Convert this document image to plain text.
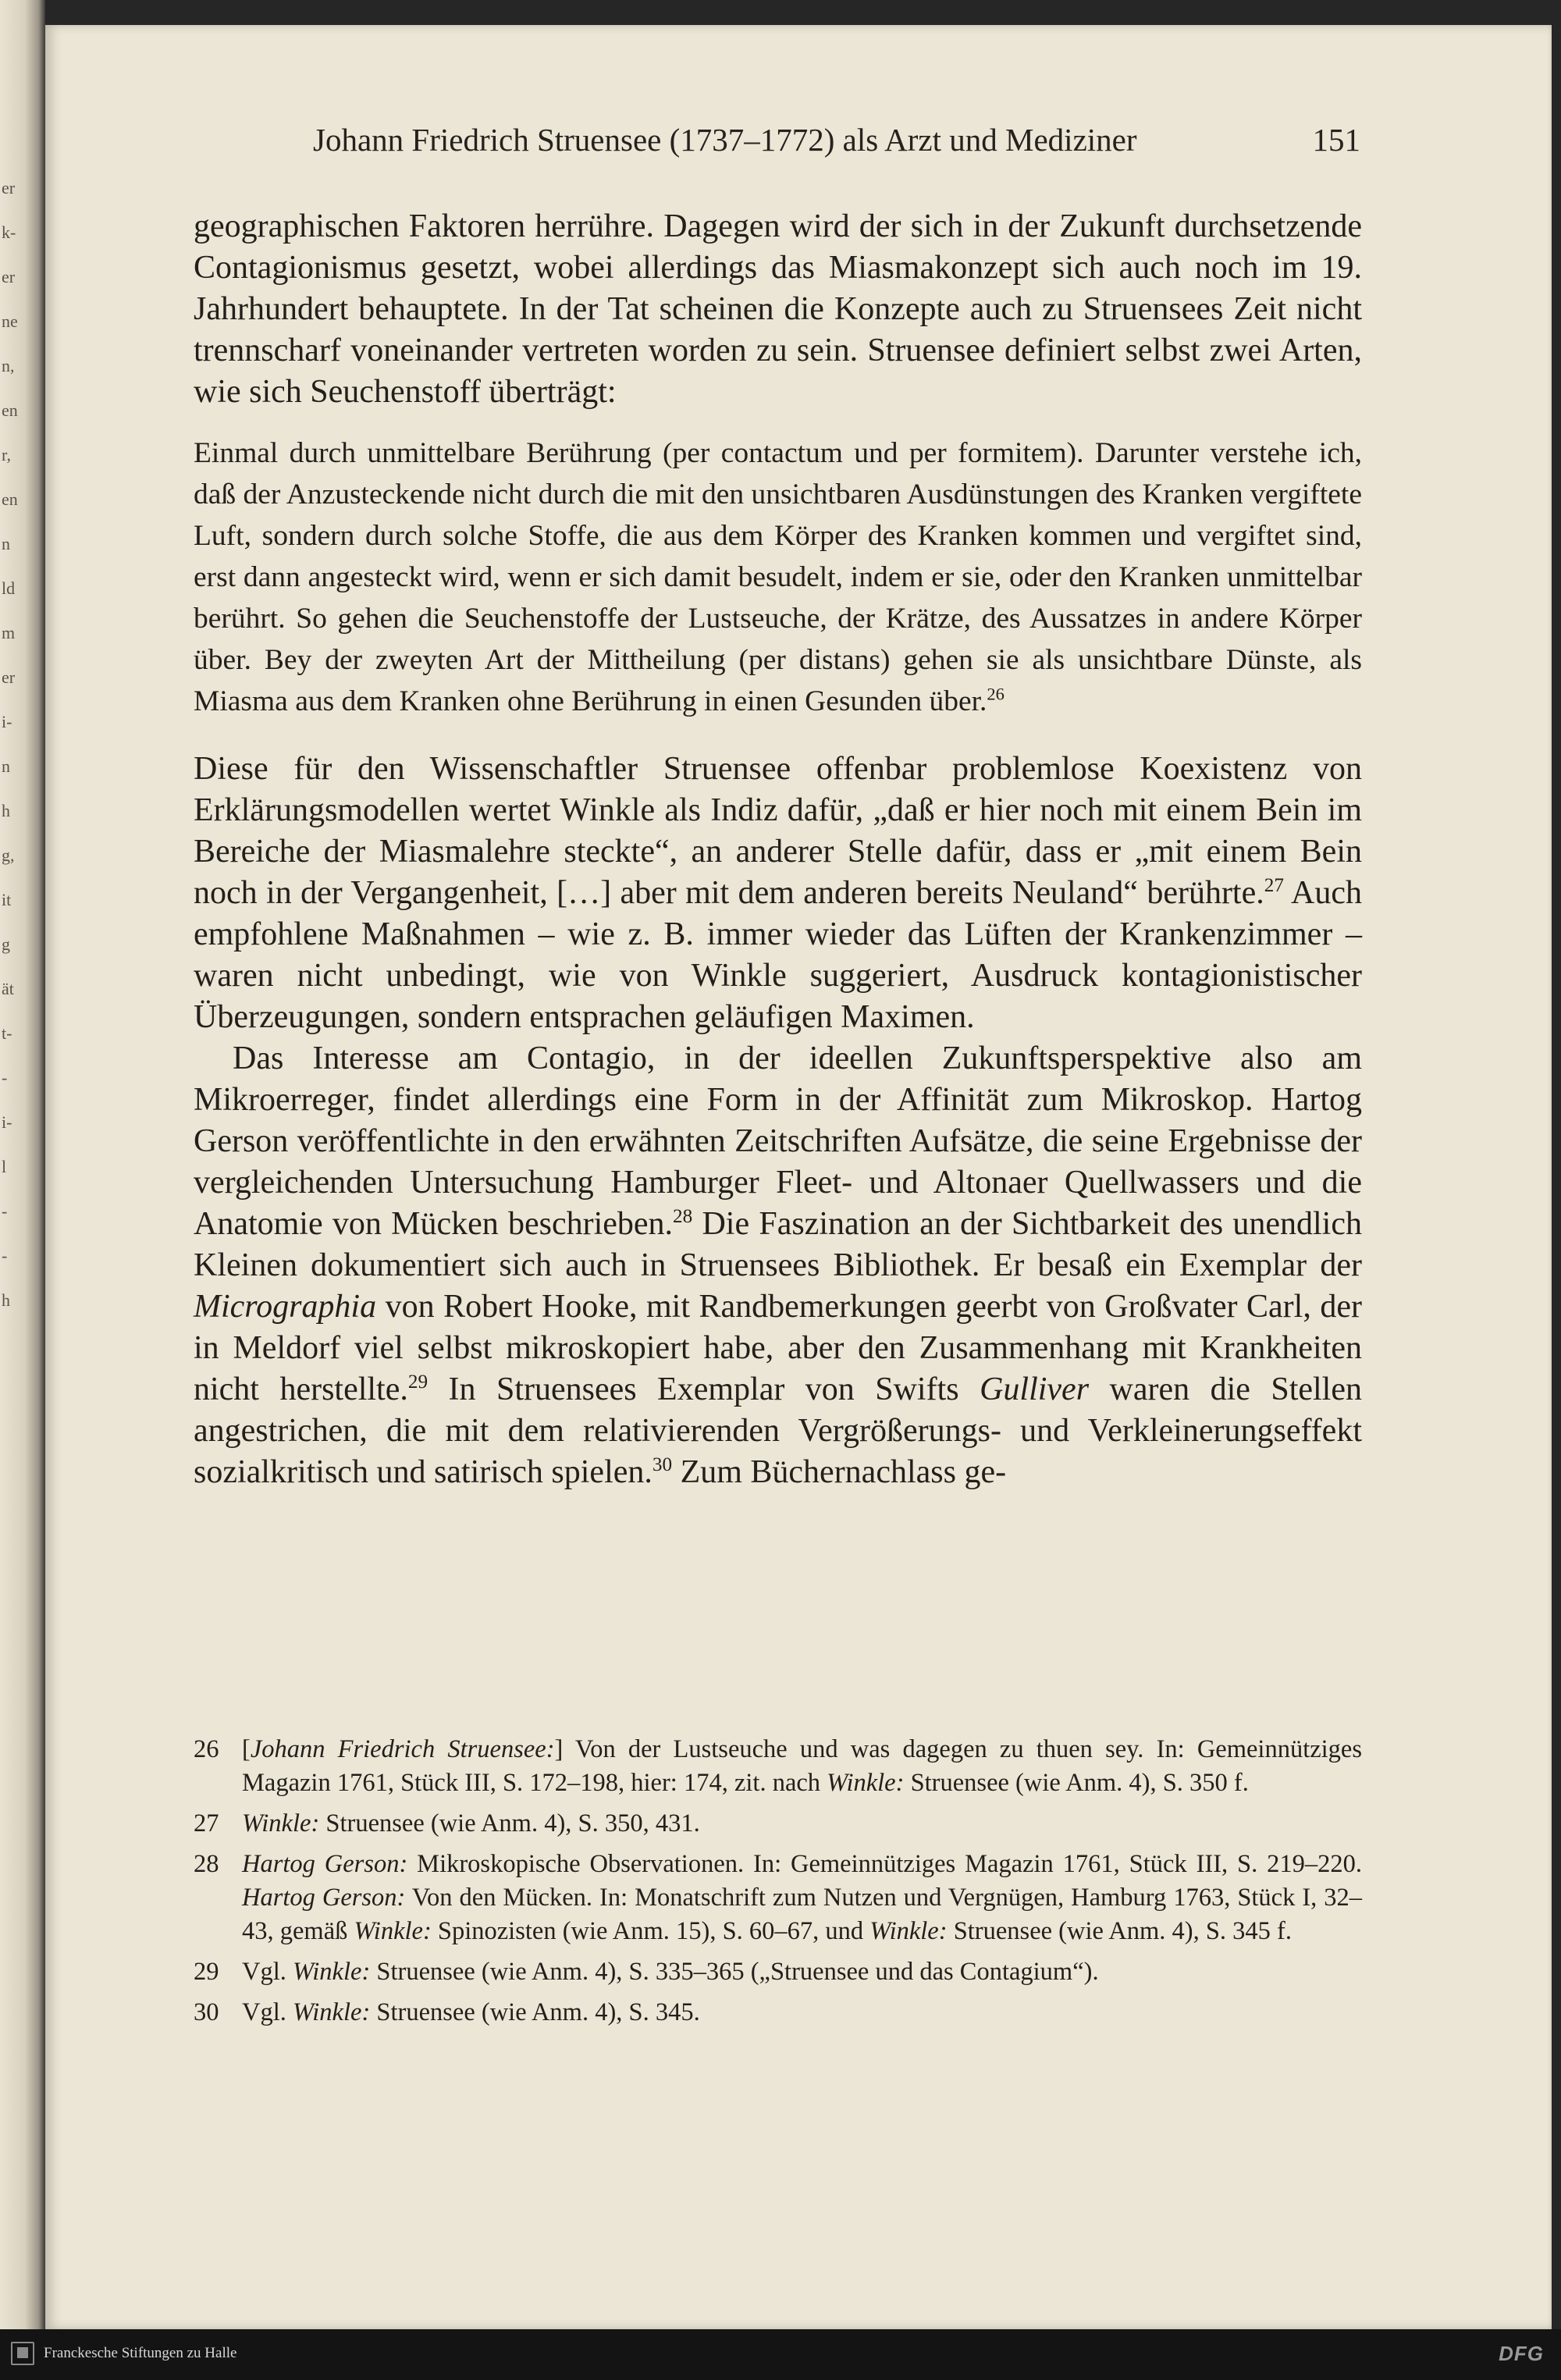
er
k-
er
ne
n,
en
r,
en
n
ld
m
er
i-
n
h
g,
it
g
ät
t-
-
i-
l
-
-
h
Johann Friedrich Struensee (1737–1772) als Arzt und Mediziner	151

geographischen Faktoren herrühre. Dagegen wird der sich in der Zukunft durchsetzende Contagionismus gesetzt, wobei allerdings das Miasmakonzept sich auch noch im 19. Jahrhundert behauptete. In der Tat scheinen die Konzepte auch zu Struensees Zeit nicht trennscharf voneinander vertreten worden zu sein. Struensee definiert selbst zwei Arten, wie sich Seuchenstoff überträgt:

Einmal durch unmittelbare Berührung (per contactum und per formitem). Darunter verstehe ich, daß der Anzusteckende nicht durch die mit den unsichtbaren Ausdünstungen des Kranken vergiftete Luft, sondern durch solche Stoffe, die aus dem Körper des Kranken kommen und vergiftet sind, erst dann angesteckt wird, wenn er sich damit besudelt, indem er sie, oder den Kranken unmittelbar berührt. So gehen die Seuchenstoffe der Lustseuche, der Krätze, des Aussatzes in andere Körper über. Bey der zweyten Art der Mittheilung (per distans) gehen sie als unsichtbare Dünste, als Miasma aus dem Kranken ohne Berührung in einen Gesunden über.$^{26}$

Diese für den Wissenschaftler Struensee offenbar problemlose Koexistenz von Erklärungsmodellen wertet Winkle als Indiz dafür, „daß er hier noch mit einem Bein im Bereiche der Miasmalehre steckte“, an anderer Stelle dafür, dass er „mit einem Bein noch in der Vergangenheit, […] aber mit dem anderen bereits Neuland“ berührte.$^{27}$ Auch empfohlene Maßnahmen – wie z. B. immer wieder das Lüften der Krankenzimmer – waren nicht unbedingt, wie von Winkle suggeriert, Ausdruck kontagionistischer Überzeugungen, sondern entsprachen geläufigen Maximen.

Das Interesse am Contagio, in der ideellen Zukunftsperspektive also am Mikroerreger, findet allerdings eine Form in der Affinität zum Mikroskop. Hartog Gerson veröffentlichte in den erwähnten Zeitschriften Aufsätze, die seine Ergebnisse der vergleichenden Untersuchung Hamburger Fleet- und Altonaer Quellwassers und die Anatomie von Mücken beschrieben.$^{28}$ Die Faszination an der Sichtbarkeit des unendlich Kleinen dokumentiert sich auch in Struensees Bibliothek. Er besaß ein Exemplar der Micrographia von Robert Hooke, mit Randbemerkungen geerbt von Großvater Carl, der in Meldorf viel selbst mikroskopiert habe, aber den Zusammenhang mit Krankheiten nicht herstellte.$^{29}$ In Struensees Exemplar von Swifts Gulliver waren die Stellen angestrichen, die mit dem relativierenden Vergrößerungs- und Verkleinerungseffekt sozialkritisch und satirisch spielen.$^{30}$ Zum Büchernachlass ge-

26 [Johann Friedrich Struensee:] Von der Lustseuche und was dagegen zu thuen sey. In: Gemeinnütziges Magazin 1761, Stück III, S. 172–198, hier: 174, zit. nach Winkle: Struensee (wie Anm. 4), S. 350 f.
27 Winkle: Struensee (wie Anm. 4), S. 350, 431.
28 Hartog Gerson: Mikroskopische Observationen. In: Gemeinnütziges Magazin 1761, Stück III, S. 219–220. Hartog Gerson: Von den Mücken. In: Monatschrift zum Nutzen und Vergnügen, Hamburg 1763, Stück I, 32–43, gemäß Winkle: Spinozisten (wie Anm. 15), S. 60–67, und Winkle: Struensee (wie Anm. 4), S. 345 f.
29 Vgl. Winkle: Struensee (wie Anm. 4), S. 335–365 („Struensee und das Contagium“).
30 Vgl. Winkle: Struensee (wie Anm. 4), S. 345.
Franckesche Stiftungen zu Halle	DFG
